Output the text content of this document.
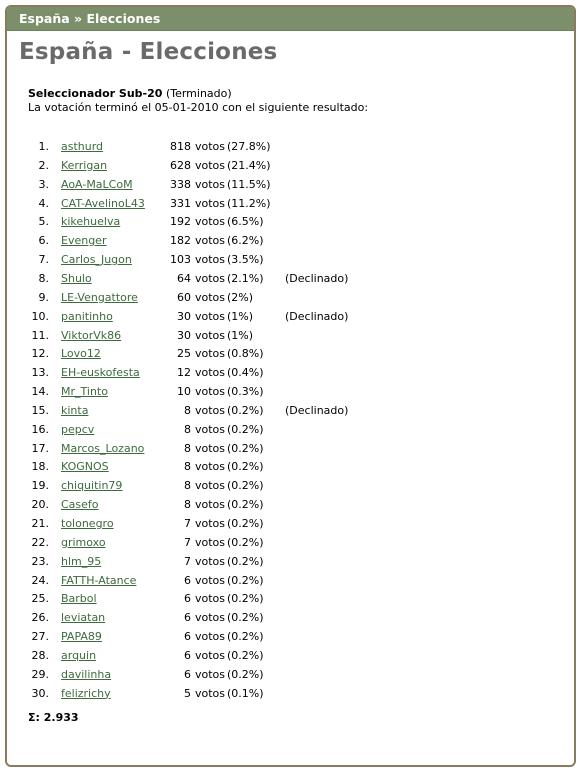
España » Elecciones
España - Elecciones
Seleccionador Sub-20 (Terminado)
La votación terminó el 05-01-2010 con el siguiente resultado:
1. asthurd	818 votos (27.8%)
2. Kerrigan	628 votos (21.4%)
3. AoA-MaLCoM	338 votos (11.5%)
4. CAT-AvelinoL43	331 votos (11.2%)
5. kikehuelva	192 votos (6.5%)
6. Evenger	182 votos (6.2%)
7. Carlos_Jugon	103 votos (3.5%)
8. Shulo	64 votos (2.1%) (Declinado)
9. LE-Vengattore	60 votos (2%)
10. panitinho	30 votos (1%)	(Declinado)
11. ViktorVk86	30 votos (1%)
12. Lovo12	25 votos (0.8%)
13. EH-euskofesta	12 votos (0.4%)
14. Mr_Tinto	10 votos (0.3%)
15. kinta	8 votos (0.2%) (Declinado)
16. pepcv	8 votos (0.2%)
17. Marcos_Lozano	8 votos (0.2%)
18. KOGNOS	8 votos (0.2%)
19. chiquitin79	8 votos (0.2%)
20. Casefo	8 votos (0.2%)
21. tolonegro	7 votos (0.2%)
22. grimoxo	7 votos (0.2%)
23. hlm_95	7 votos (0.2%)
24. FATTH-Atance	6 votos (0.2%)
25. Barbol	6 votos (0.2%)
26. leviatan	6 votos (0.2%)
27. PAPA89	6 votos (0.2%)
28. arquin	6 votos (0.2%)
29. davilinha	6 votos (0.2%)
30. felizrichy	5 votos (0.1%)
Σ: 2.933
